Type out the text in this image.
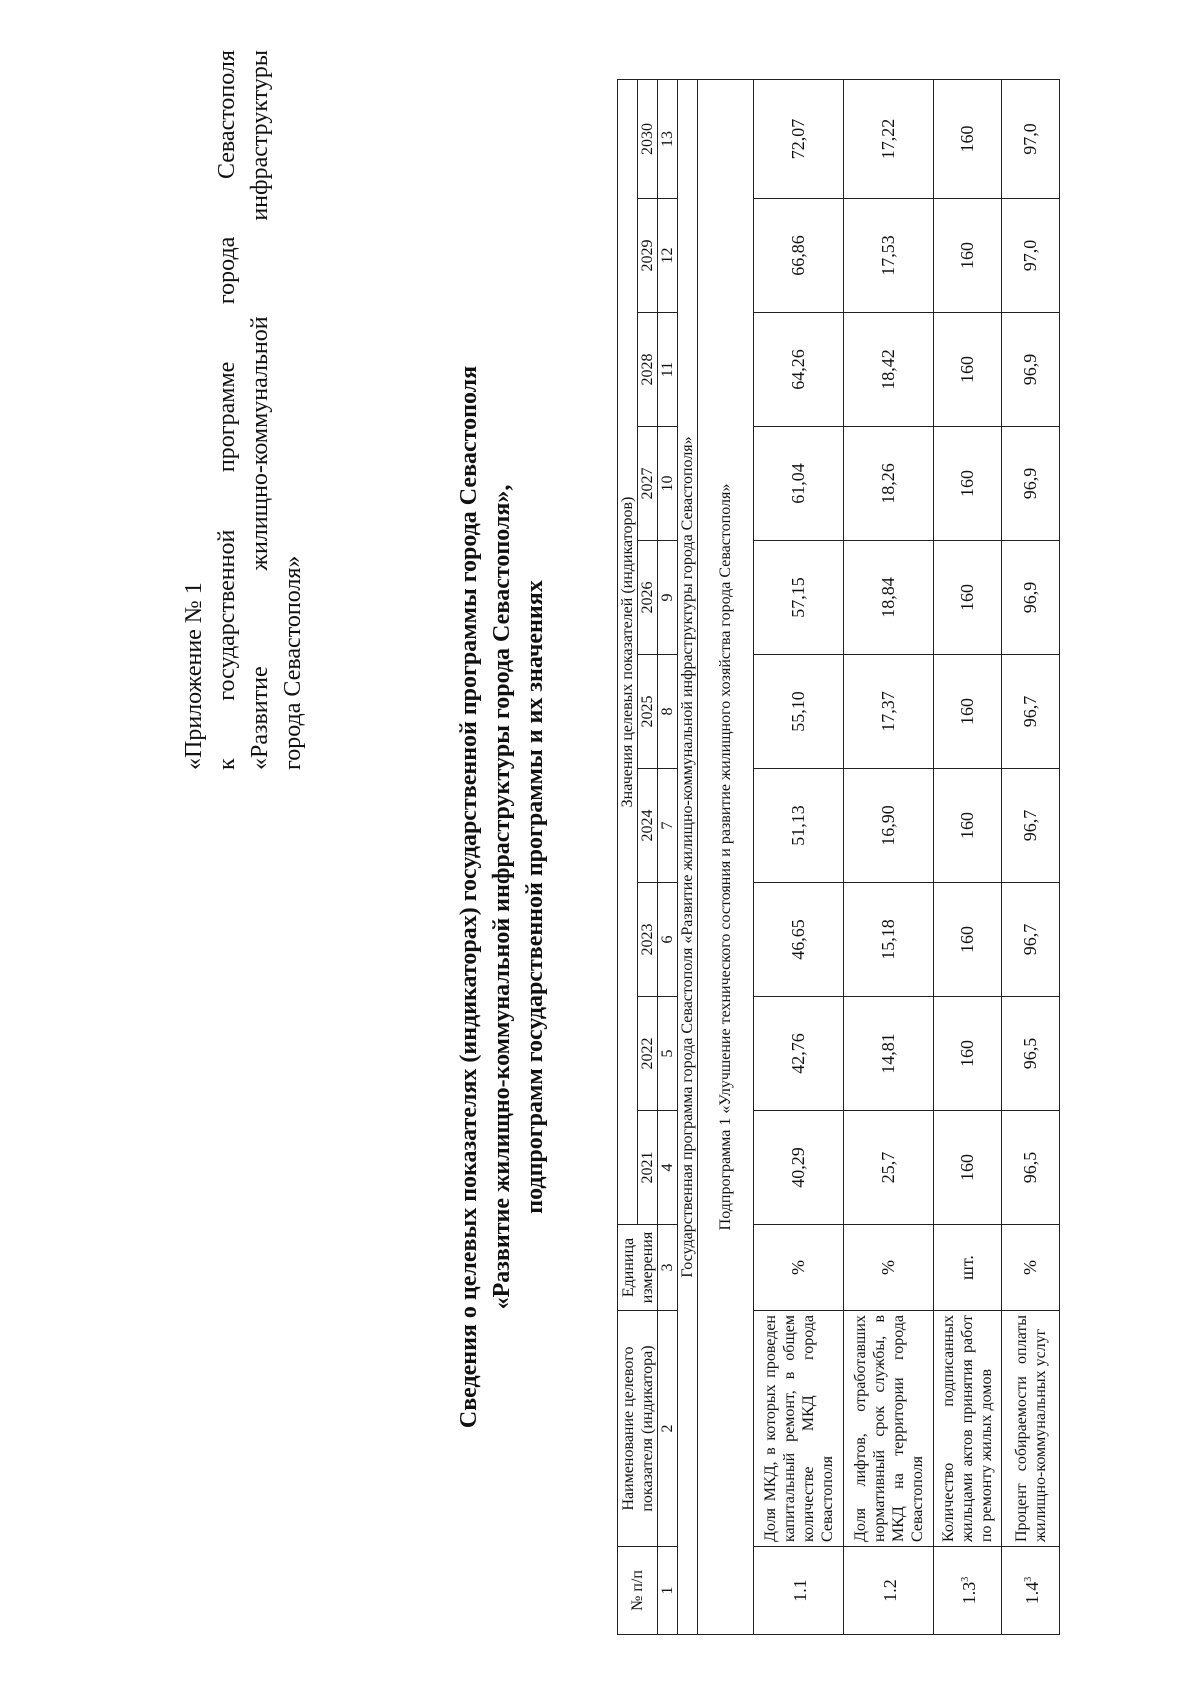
«Приложение № 1 к
государственной
программе
города
Севастополя
«Развитие
жилищно-коммунальной
инфраструктуры
города Севастополя»	Сведения о целевых показателях (индикаторах) государственной программы города Севастополя «Развитие жилищно-коммунальной инфраструктуры города Севастополя», подпрограмм государственной программы и их значениях
№ п/п	Наименование целевого показателя (индикатора)	Единица измерения	Значения целевых показателей (индикаторов)									
			2021	2022	2023	2024	2025	2026	2027	2028	2029	2030
1	2	3	4	5	6	7	8	9	10	11	12	13
Государственная программа города Севастополя «Развитие жилищно-коммунальной инфраструктуры города Севастополя»												
Подпрограмма 1 «Улучшение технического состояния и развитие жилищного хозяйства города Севастополя»												
1.1	Доля МКД, в которых проведен капитальный ремонт, в общем количестве МКД города Севастополя	%	40,29	42,76	46,65	51,13	55,10	57,15	61,04	64,26	66,86	72,07
1.2	Доля лифтов, отработавших нормативный срок службы, в МКД на территории города Севастополя	%	25,7	14,81	15,18	16,90	17,37	18,84	18,26	18,42	17,53	17,22
$1.3^3$	Количество подписанных жильцами актов принятия работ по ремонту жилых домов	шт.	160	160	160	160	160	160	160	160	160	160
$1.4^3$	Процент собираемости оплаты жилищно-коммунальных услуг	%	96,5	96,5	96,7	96,7	96,7	96,9	96,9	96,9	97,0	97,0
